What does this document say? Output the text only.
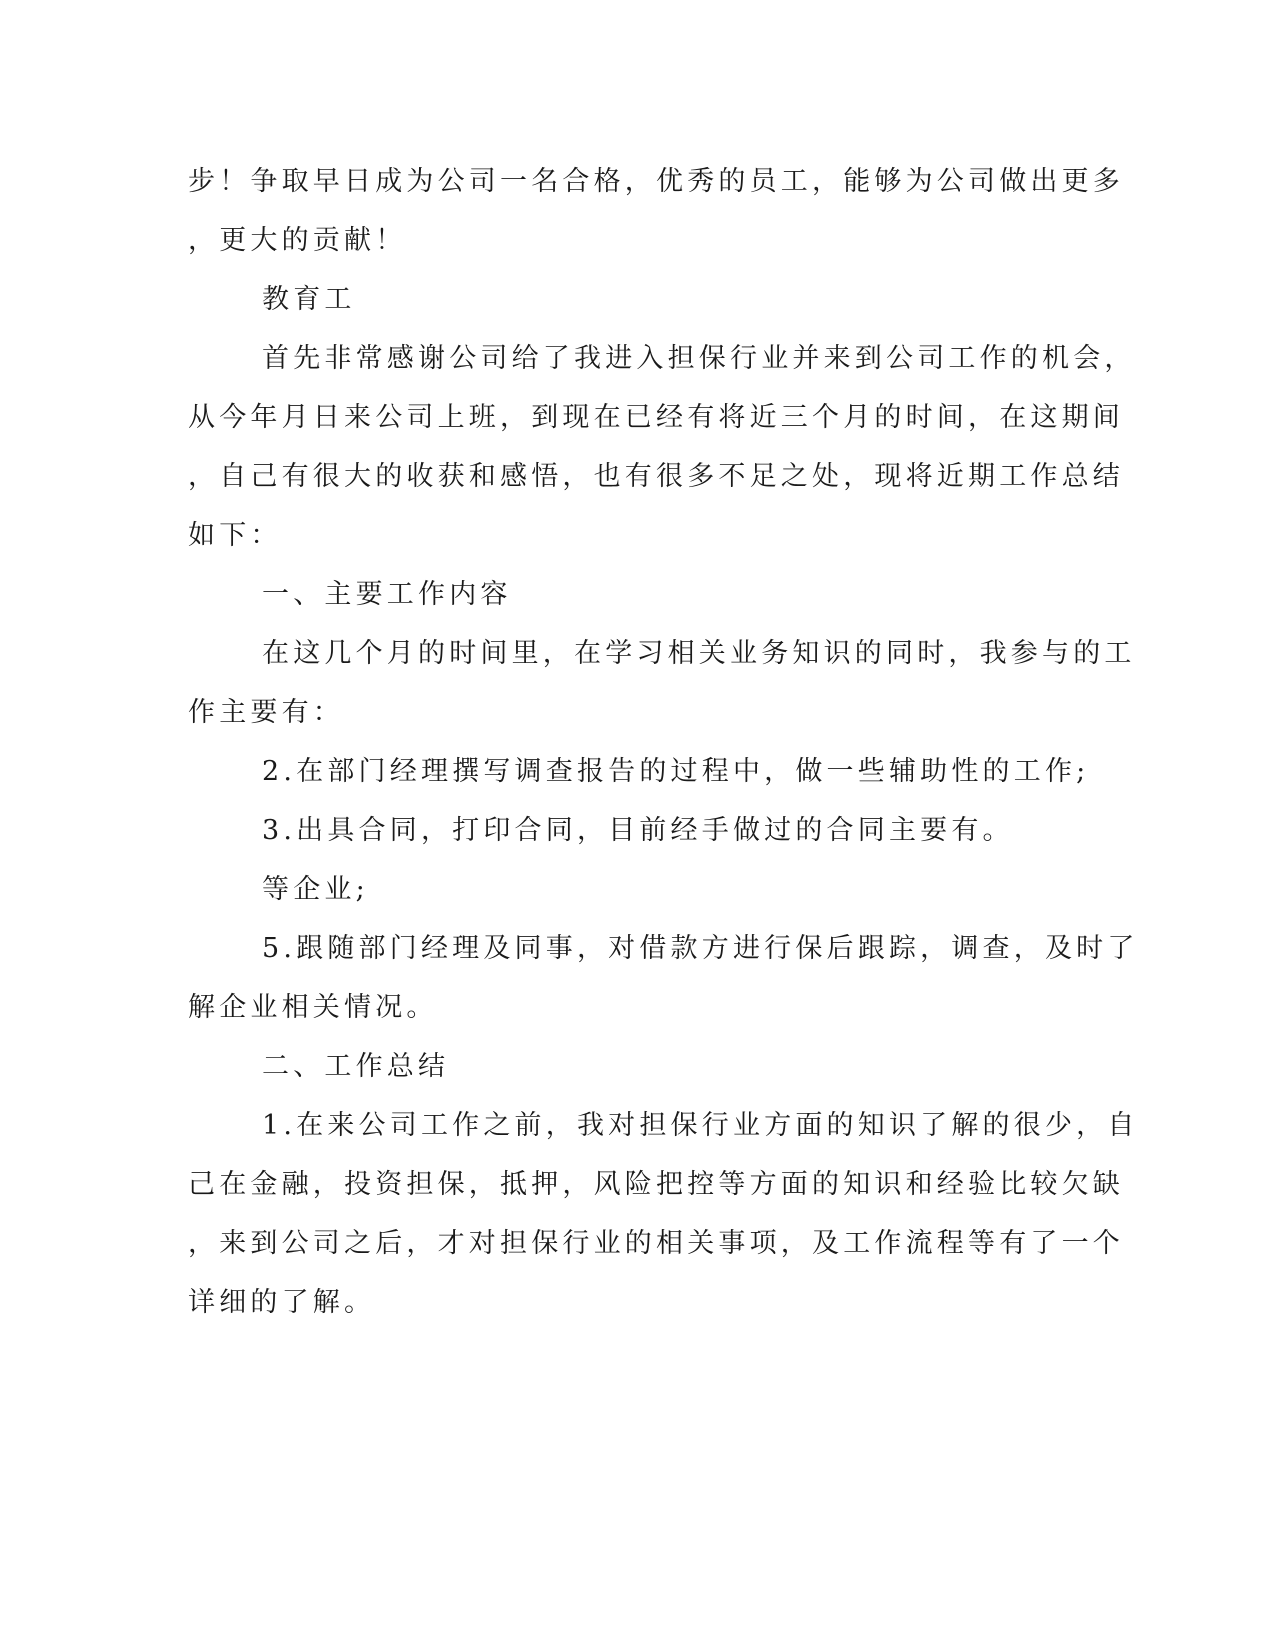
步！争取早日成为公司一名合格，优秀的员工，能够为公司做出更多

，更大的贡献！

教育工

首先非常感谢公司给了我进入担保行业并来到公司工作的机会，

从今年月日来公司上班，到现在已经有将近三个月的时间，在这期间

，自己有很大的收获和感悟，也有很多不足之处，现将近期工作总结

如下：

一、主要工作内容

在这几个月的时间里，在学习相关业务知识的同时，我参与的工

作主要有：

2.在部门经理撰写调查报告的过程中，做一些辅助性的工作;

3.出具合同，打印合同，目前经手做过的合同主要有。

等企业;

5.跟随部门经理及同事，对借款方进行保后跟踪，调查，及时了

解企业相关情况。

二、工作总结

1.在来公司工作之前，我对担保行业方面的知识了解的很少，自

己在金融，投资担保，抵押，风险把控等方面的知识和经验比较欠缺

，来到公司之后，才对担保行业的相关事项，及工作流程等有了一个

详细的了解。
